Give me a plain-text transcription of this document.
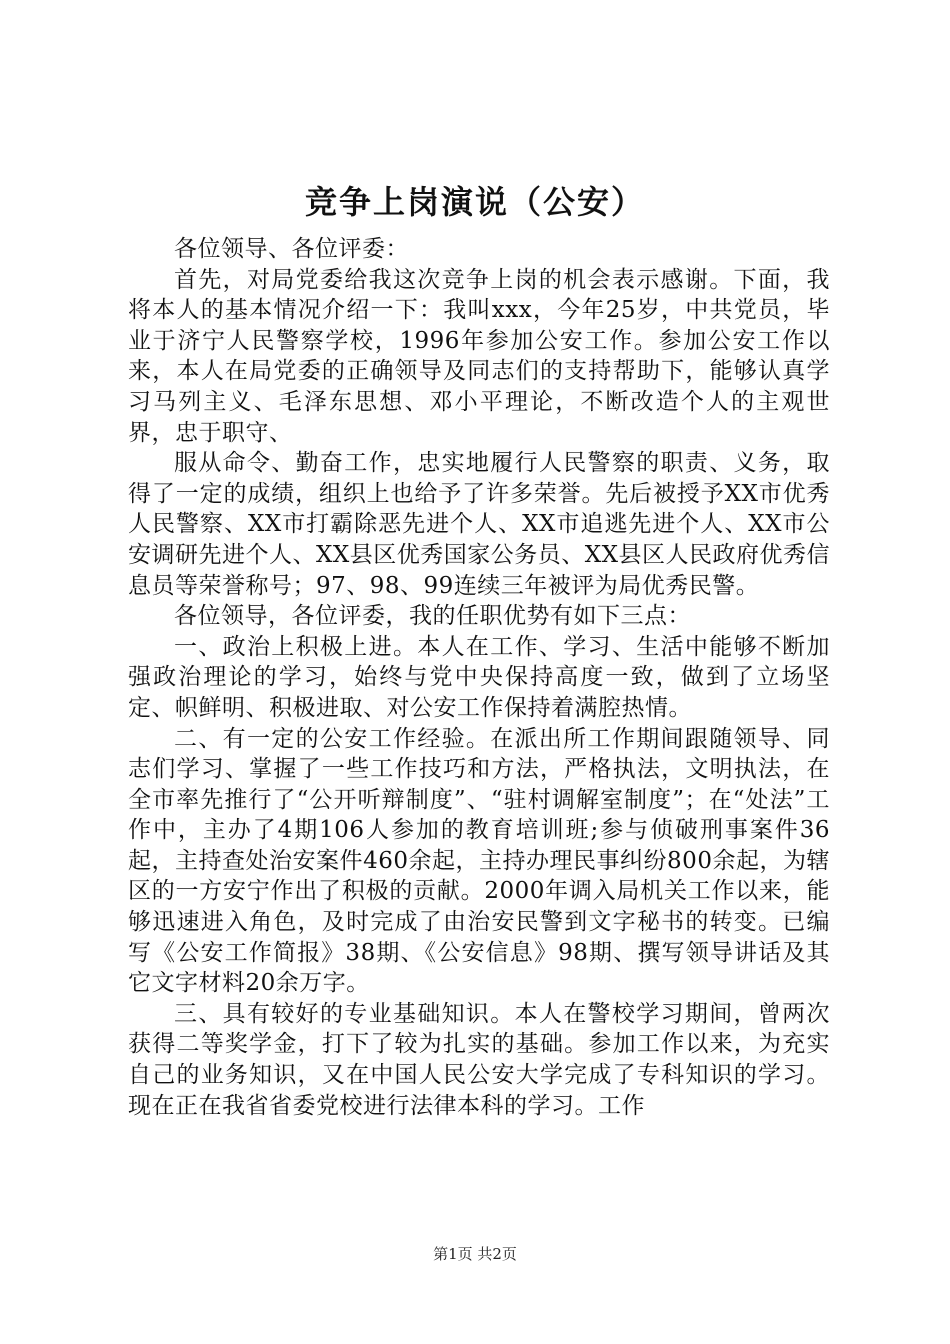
竞争上岗演说（公安）

各位领导、各位评委：

首先，对局党委给我这次竞争上岗的机会表示感谢。下面，我将本人的基本情况介绍一下：我叫xxx，今年25岁，中共党员，毕业于济宁人民警察学校，1996年参加公安工作。参加公安工作以来，本人在局党委的正确领导及同志们的支持帮助下，能够认真学习马列主义、毛泽东思想、邓小平理论，不断改造个人的主观世界，忠于职守、

服从命令、勤奋工作，忠实地履行人民警察的职责、义务，取得了一定的成绩，组织上也给予了许多荣誉。先后被授予XX市优秀人民警察、XX市打霸除恶先进个人、XX市追逃先进个人、XX市公安调研先进个人、XX县区优秀国家公务员、XX县区人民政府优秀信息员等荣誉称号；97、98、99连续三年被评为局优秀民警。

各位领导，各位评委，我的任职优势有如下三点：

一、政治上积极上进。本人在工作、学习、生活中能够不断加强政治理论的学习，始终与党中央保持高度一致，做到了立场坚定、帜鲜明、积极进取、对公安工作保持着满腔热情。

二、有一定的公安工作经验。在派出所工作期间跟随领导、同志们学习、掌握了一些工作技巧和方法，严格执法，文明执法，在全市率先推行了“公开听辩制度”、“驻村调解室制度”；在“处法”工作中，主办了4期106人参加的教育培训班;参与侦破刑事案件36起，主持查处治安案件460余起，主持办理民事纠纷800余起，为辖区的一方安宁作出了积极的贡献。2000年调入局机关工作以来，能够迅速进入角色，及时完成了由治安民警到文字秘书的转变。已编写《公安工作简报》38期、《公安信息》98期、撰写领导讲话及其它文字材料20余万字。

三、具有较好的专业基础知识。本人在警校学习期间，曾两次获得二等奖学金，打下了较为扎实的基础。参加工作以来，为充实自己的业务知识，又在中国人民公安大学完成了专科知识的学习。现在正在我省省委党校进行法律本科的学习。工作

第1页 共2页
